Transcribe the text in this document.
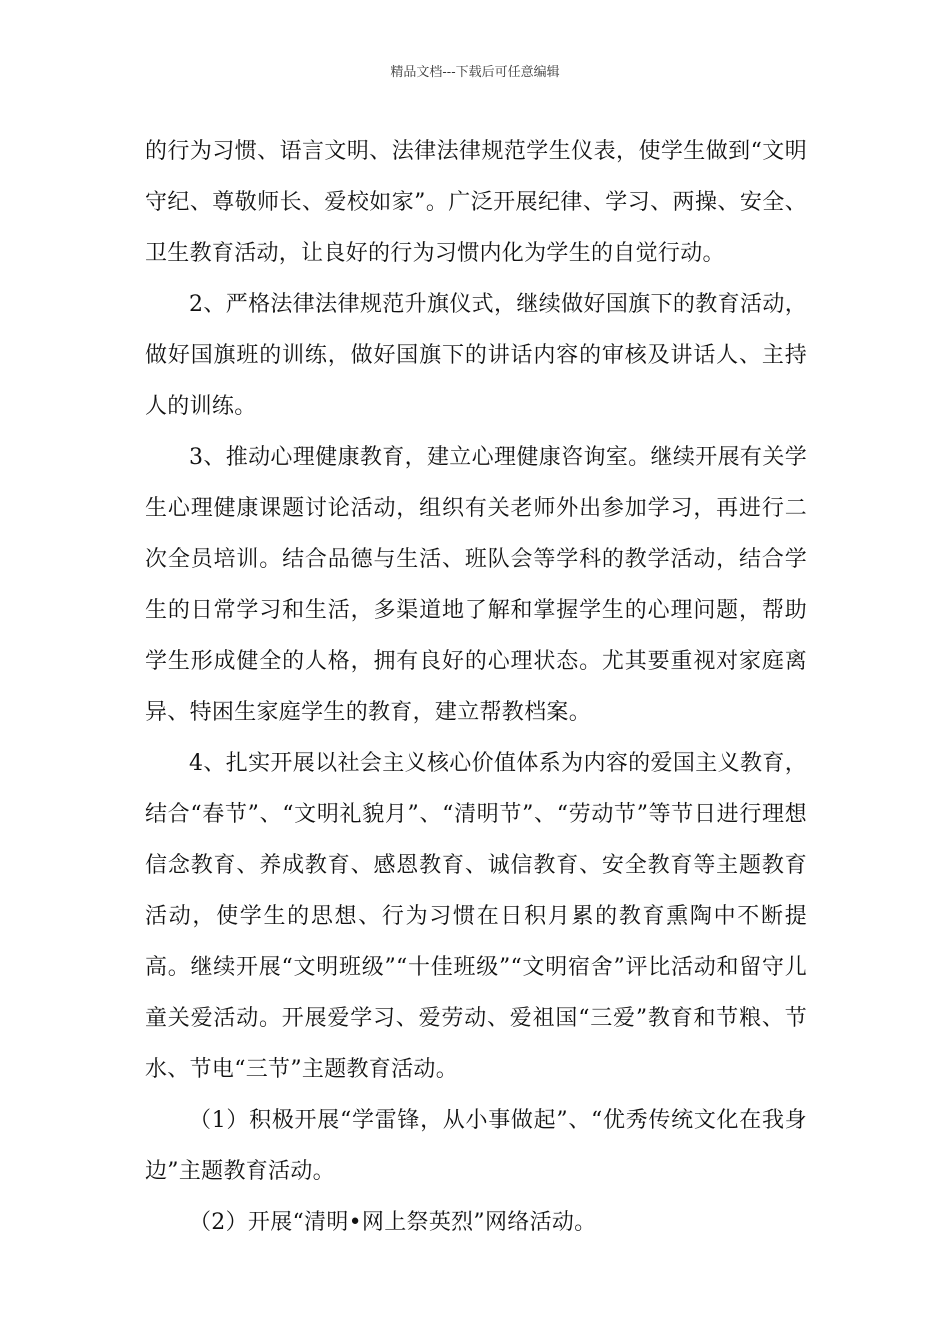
精品文档---下载后可任意编辑

的行为习惯、语言文明、法律法律规范学生仪表，使学生做到“文明守纪、尊敬师长、爱校如家”。广泛开展纪律、学习、两操、安全、卫生教育活动，让良好的行为习惯内化为学生的自觉行动。

2、严格法律法律规范升旗仪式，继续做好国旗下的教育活动，做好国旗班的训练，做好国旗下的讲话内容的审核及讲话人、主持人的训练。

3、推动心理健康教育，建立心理健康咨询室。继续开展有关学生心理健康课题讨论活动，组织有关老师外出参加学习，再进行二次全员培训。结合品德与生活、班队会等学科的教学活动，结合学生的日常学习和生活，多渠道地了解和掌握学生的心理问题，帮助学生形成健全的人格，拥有良好的心理状态。尤其要重视对家庭离异、特困生家庭学生的教育，建立帮教档案。

4、扎实开展以社会主义核心价值体系为内容的爱国主义教育，结合“春节”、“文明礼貌月”、“清明节”、“劳动节”等节日进行理想信念教育、养成教育、感恩教育、诚信教育、安全教育等主题教育活动，使学生的思想、行为习惯在日积月累的教育熏陶中不断提高。继续开展“文明班级”“十佳班级”“文明宿舍”评比活动和留守儿童关爱活动。开展爱学习、爱劳动、爱祖国“三爱”教育和节粮、节水、节电“三节”主题教育活动。

（1）积极开展“学雷锋，从小事做起”、“优秀传统文化在我身边”主题教育活动。

（2）开展“清明•网上祭英烈”网络活动。
